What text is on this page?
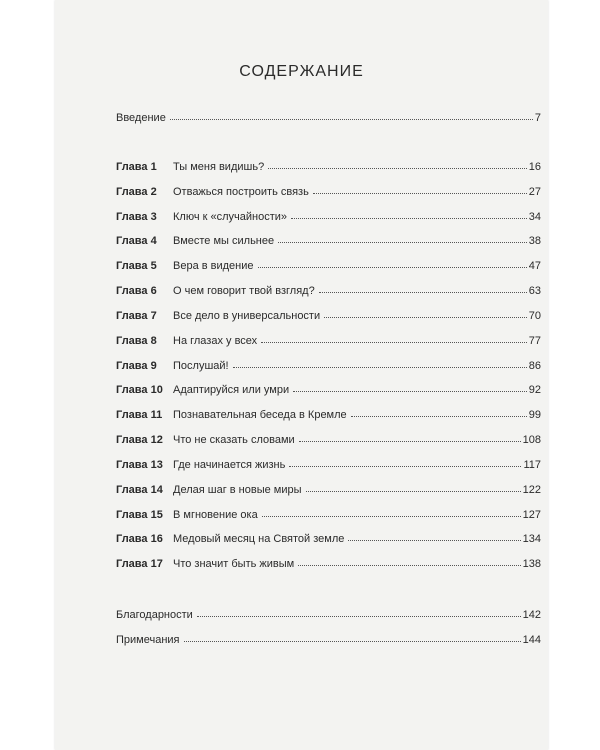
СОДЕРЖАНИЕ
Введение	7
Глава 1	Ты меня видишь?	16
Глава 2	Отважься построить связь	27
Глава 3	Ключ к «случайности»	34
Глава 4	Вместе мы сильнее	38
Глава 5	Вера в видение	47
Глава 6	О чем говорит твой взгляд?	63
Глава 7	Все дело в универсальности	70
Глава 8	На глазах у всех	77
Глава 9	Послушай!	86
Глава 10 Адаптируйся или умри	92
Глава 11 Познавательная беседа в Кремле	99
Глава 12 Что не сказать словами	108
Глава 13 Где начинается жизнь	117
Глава 14 Делая шаг в новые миры	122
Глава 15 В мгновение ока	127
Глава 16 Медовый месяц на Святой земле	134
Глава 17 Что значит быть живым	138
Благодарности	142
Примечания	144
